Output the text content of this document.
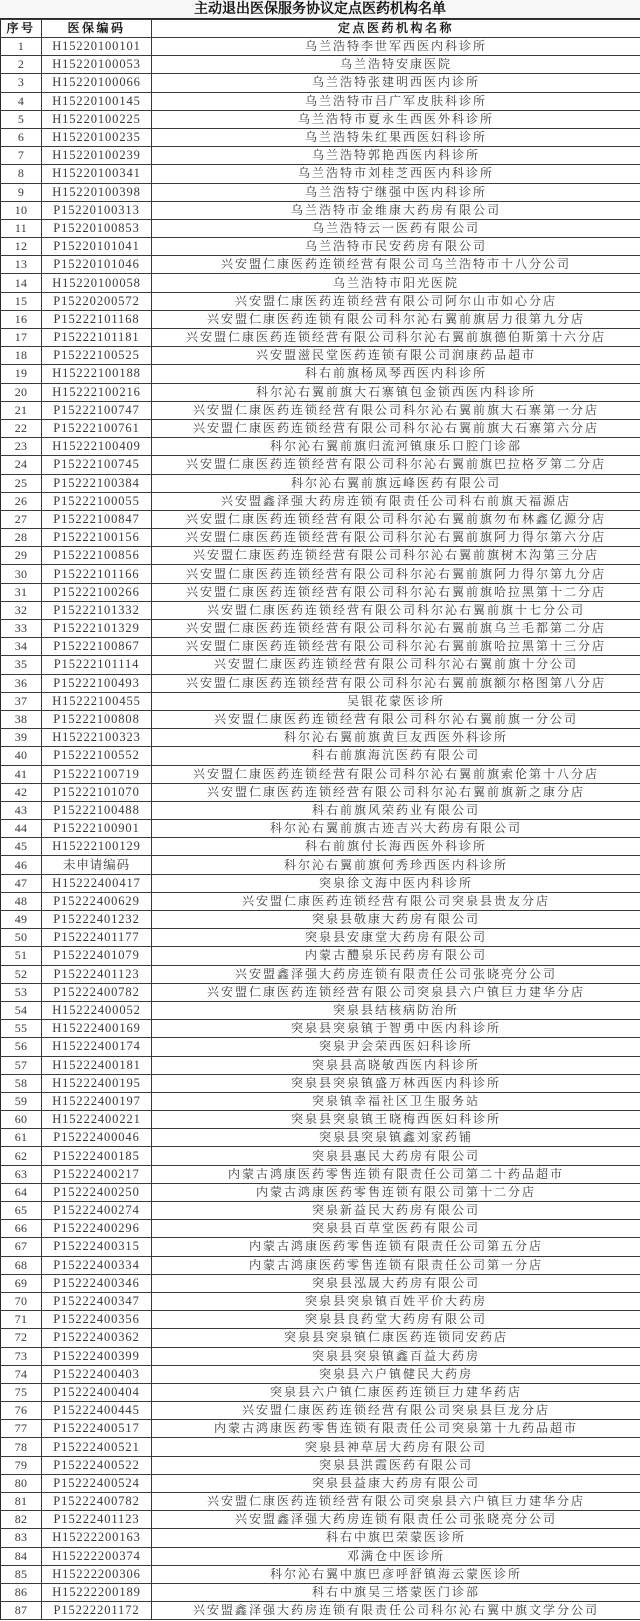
主动退出医保服务协议定点医药机构名单
序号	医保编码	定点医药机构名称
1	H15220100101	乌兰浩特李世军西医内科诊所
2	H15220100053	乌兰浩特安康医院
3	H15220100066	乌兰浩特张建明西医内诊所
4	H15220100145	乌兰浩特市吕广军皮肤科诊所
5	H15220100225	乌兰浩特市夏永生西医外科诊所
6	H15220100235	乌兰浩特朱红果西医妇科诊所
7	H15220100239	乌兰浩特郭艳西医内科诊所
8	H15220100341	乌兰浩特市刘桂芝西医内科诊所
9	H15220100398	乌兰浩特宁继强中医内科诊所
10	P15220100313	乌兰浩特市金维康大药房有限公司
11	P15220100853	乌兰浩特云一医药有限公司
12	P15220101041	乌兰浩特市民安药房有限公司
13	P15220101046	兴安盟仁康医药连锁经营有限公司乌兰浩特市十八分公司
14	H15220100058	乌兰浩特市阳光医院
15	P15220200572	兴安盟仁康医药连锁经营有限公司阿尔山市如心分店
16	P15222101168	兴安盟仁康医药连锁有限公司科尔沁右翼前旗居力很第九分店
17	P15222101181	兴安盟仁康医药连锁经营有限公司科尔沁右翼前旗德伯斯第十六分店
18	P15222100525	兴安盟滋民堂医药连锁有限公司润康药品超市
19	H15222100188	科右前旗杨凤琴西医内科诊所
20	H15222100216	科尔沁右翼前旗大石寨镇包金锁西医内科诊所
21	P15222100747	兴安盟仁康医药连锁经营有限公司科尔沁右翼前旗大石寨第一分店
22	P15222100761	兴安盟仁康医药连锁经营有限公司科尔沁右翼前旗大石寨第六分店
23	H15222100409	科尔沁右翼前旗归流河镇康乐口腔门诊部
24	P15222100745	兴安盟仁康医药连锁经营有限公司科尔沁右翼前旗巴拉格歹第二分店
25	P15222100384	科尔沁右翼前旗远峰医药有限公司
26	P15222100055	兴安盟鑫泽强大药房连锁有限责任公司科右前旗天福源店
27	P15222100847	兴安盟仁康医药连锁经营有限公司科尔沁右翼前旗勿布林鑫亿源分店
28	P15222100156	兴安盟仁康医药连锁经营有限公司科尔沁右翼前旗阿力得尔第六分店
29	P15222100856	兴安盟仁康医药连锁经营有限公司科尔沁右翼前旗树木沟第三分店
30	P15222101166	兴安盟仁康医药连锁经营有限公司科尔沁右翼前旗阿力得尔第九分店
31	P15222100266	兴安盟仁康医药连锁经营有限公司科尔沁右翼前旗哈拉黑第十二分店
32	P15222101332	兴安盟仁康医药连锁经营有限公司科尔沁右翼前旗十七分公司
33	P15222101329	兴安盟仁康医药连锁经营有限公司科尔沁右翼前旗乌兰毛都第二分店
34	P15222100867	兴安盟仁康医药连锁经营有限公司科尔沁右翼前旗哈拉黑第十三分店
35	P15222101114	兴安盟仁康医药连锁经营有限公司科尔沁右翼前旗十分公司
36	P15222100493	兴安盟仁康医药连锁经营有限公司科尔沁右翼前旗额尔格图第八分店
37	H15222100455	吴银花蒙医诊所
38	P15222100808	兴安盟仁康医药连锁经营有限公司科尔沁右翼前旗一分公司
39	H15222100323	科尔沁右翼前旗黄巨友西医外科诊所
40	P15222100552	科右前旗海沆医药有限公司
41	P15222100719	兴安盟仁康医药连锁经营有限公司科尔沁右翼前旗索伦第十八分店
42	P15222101070	兴安盟仁康医药连锁经营有限公司科尔沁右翼前旗新之康分店
43	P15222100488	科右前旗风荣药业有限公司
44	P15222100901	科尔沁右翼前旗古迹吉兴大药房有限公司
45	H15222100129	科右前旗付长海西医外科诊所
46	未申请编码	科尔沁右翼前旗何秀珍西医内科诊所
47	H15222400417	突泉徐文海中医内科诊所
48	P15222400629	兴安盟仁康医药连锁经营有限公司突泉县贵友分店
49	P15222401232	突泉县敬康大药房有限公司
50	P15222401177	突泉县安康堂大药房有限公司
51	P15222401079	内蒙古醴泉乐民药房有限公司
52	P15222401123	兴安盟鑫泽强大药房连锁有限责任公司张晓亮分公司
53	P15222400782	兴安盟仁康医药连锁经营有限公司突泉县六户镇巨力建华分店
54	H15222400052	突泉县结核病防治所
55	H15222400169	突泉县突泉镇于智勇中医内科诊所
56	H15222400174	突泉尹会荣西医妇科诊所
57	H15222400181	突泉县高晓敏西医内科诊所
58	H15222400195	突泉县突泉镇盛万林西医内科诊所
59	H15222400197	突泉镇幸福社区卫生服务站
60	H15222400221	突泉县突泉镇王晓梅西医妇科诊所
61	P15222400046	突泉县突泉镇鑫刘家药铺
62	P15222400185	突泉县惠民大药房有限公司
63	P15222400217	内蒙古鸿康医药零售连锁有限责任公司第二十药品超市
64	P15222400250	内蒙古鸿康医药零售连锁有限公司第十二分店
65	P15222400274	突泉新益民大药房有限公司
66	P15222400296	突泉县百草堂医药有限公司
67	P15222400315	内蒙古鸿康医药零售连锁有限责任公司第五分店
68	P15222400334	内蒙古鸿康医药零售连锁有限责任公司第一分店
69	P15222400346	突泉县泓晟大药房有限公司
70	P15222400347	突泉县突泉镇百姓平价大药房
71	P15222400356	突泉县良药堂大药房有限公司
72	P15222400362	突泉县突泉镇仁康医药连锁同安药店
73	P15222400399	突泉县突泉镇鑫百益大药房
74	P15222400403	突泉县六户镇健民大药房
75	P15222400404	突泉县六户镇仁康医药连锁巨力建华药店
76	P15222400445	兴安盟仁康医药连锁经营有限公司突泉县巨龙分店
77	P15222400517	内蒙古鸿康医药零售连锁有限责任公司突泉第十九药品超市
78	P15222400521	突泉县神草居大药房有限公司
79	P15222400522	突泉县洪霞医药有限公司
80	P15222400524	突泉县益康大药房有限公司
81	P15222400782	兴安盟仁康医药连锁经营有限公司突泉县六户镇巨力建华分店
82	P15222401123	兴安盟鑫泽强大药房连锁有限责任公司张晓亮分公司
83	H15222200163	科右中旗巴荣蒙医诊所
84	H15222200374	邓满仓中医诊所
85	H15222200306	科尔沁右翼中旗巴彦呼舒镇海云蒙医诊所
86	H15222200189	科右中旗吴三塔蒙医门诊部
87	P15222201172	兴安盟鑫泽强大药房连锁有限责任公司科尔沁右翼中旗文学分公司
